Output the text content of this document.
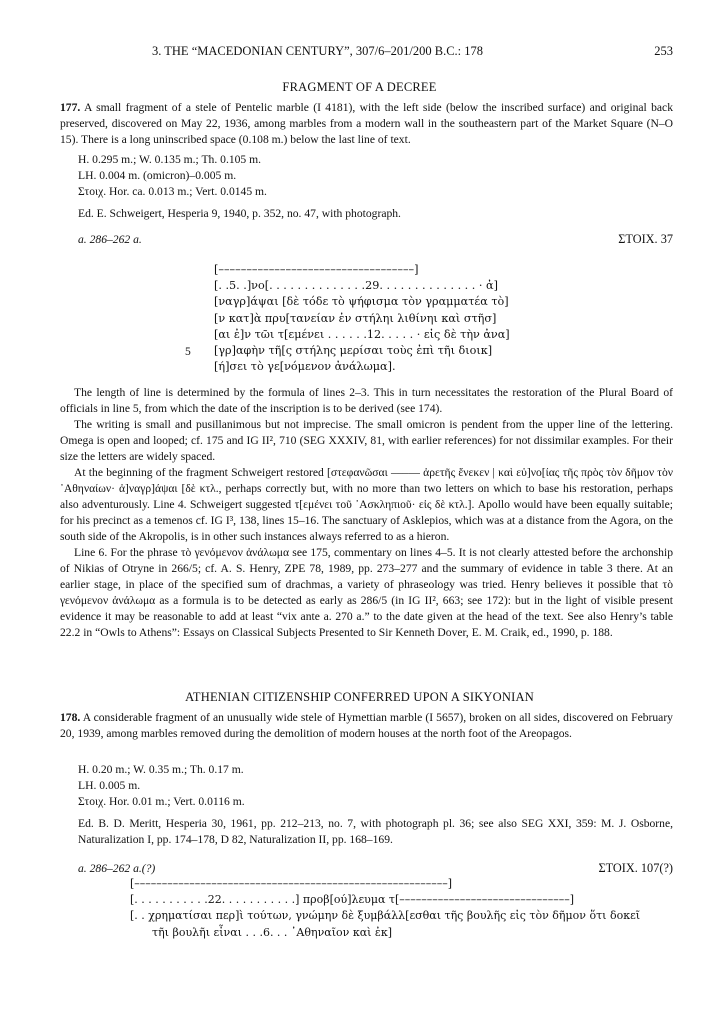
3. THE “MACEDONIAN CENTURY”, 307/6–201/200 B.C.: 178	253
FRAGMENT OF A DECREE
177. A small fragment of a stele of Pentelic marble (I 4181), with the left side (below the inscribed surface) and original back preserved, discovered on May 22, 1936, among marbles from a modern wall in the southeastern part of the Market Square (N–O 15). There is a long uninscribed space (0.108 m.) below the last line of text.
H. 0.295 m.; W. 0.135 m.; Th. 0.105 m.
LH. 0.004 m. (omicron)–0.005 m.
Στοιχ. Hor. ca. 0.013 m.; Vert. 0.0145 m.
Ed. E. Schweigert, Hesperia 9, 1940, p. 352, no. 47, with photograph.
a. 286–262 a.	ΣΤΟΙΧ. 37
[–––––––––––––––––––––––––––––––––––]
[. .5. .]νο[. . . . . . . . . . . . . .29. . . . . . . . . . . . . . · ἀ]
[ναγρ]άψαι [δὲ τόδε τὸ ψήφισμα τὸν γραμματέα τὸ]
[ν κατ]ὰ πρυ[τανείαν ἐν στήληι λιθίνηι καὶ στῆσ]
[αι ἐ]ν τῶι τ[εμένει . . . . . .12. . . . . · εἰς δὲ τὴν ἀνα]
[γρ]αφὴν τῆ[ς στήλης μερίσαι τοὺς ἐπὶ τῆι διοικ]
[ή]σει τὸ γε[νόμενον ἀνάλωμα].
5
The length of line is determined by the formula of lines 2–3. This in turn necessitates the restoration of the Plural Board of officials in line 5, from which the date of the inscription is to be derived (see 174).
The writing is small and pusillanimous but not imprecise. The small omicron is pendent from the upper line of the lettering. Omega is open and looped; cf. 175 and IG II², 710 (SEG XXXIV, 81, with earlier references) for not dissimilar examples. For their size the letters are widely spaced.
At the beginning of the fragment Schweigert restored [στεφανῶσαι ––––– ἀρετῆς ἕνεκεν | καὶ εὐ]νο[ίας τῆς πρὸς τὸν δῆμον τὸν ᾿Αθηναίων· ἀ]ναγρ]άψαι [δὲ κτλ., perhaps correctly but, with no more than two letters on which to base his restoration, perhaps also adventurously. Line 4. Schweigert suggested τ[εμένει τοῦ ᾿Ασκληπιοῦ· εἰς δὲ κτλ.]. Apollo would have been equally suitable; for his precinct as a temenos cf. IG I³, 138, lines 15–16. The sanctuary of Asklepios, which was at a distance from the Agora, on the south side of the Akropolis, is in other such instances always referred to as a hieron.
Line 6. For the phrase τὸ γενόμενον ἀνάλωμα see 175, commentary on lines 4–5. It is not clearly attested before the archonship of Nikias of Otryne in 266/5; cf. A. S. Henry, ZPE 78, 1989, pp. 273–277 and the summary of evidence in table 3 there. At an earlier stage, in place of the specified sum of drachmas, a variety of phraseology was tried. Henry believes it possible that τὸ γενόμενον ἀνάλωμα as a formula is to be detected as early as 286/5 (in IG II², 663; see 172): but in the light of visible present evidence it may be reasonable to add at least “vix ante a. 270 a.” to the date given at the head of the text. See also Henry’s table 22.2 in “Owls to Athens”: Essays on Classical Subjects Presented to Sir Kenneth Dover, E. M. Craik, ed., 1990, p. 188.
ATHENIAN CITIZENSHIP CONFERRED UPON A SIKYONIAN
178. A considerable fragment of an unusually wide stele of Hymettian marble (I 5657), broken on all sides, discovered on February 20, 1939, among marbles removed during the demolition of modern houses at the north foot of the Areopagos.
H. 0.20 m.; W. 0.35 m.; Th. 0.17 m.
LH. 0.005 m.
Στοιχ. Hor. 0.01 m.; Vert. 0.0116 m.
Ed. B. D. Meritt, Hesperia 30, 1961, pp. 212–213, no. 7, with photograph pl. 36; see also SEG XXI, 359: M. J. Osborne, Naturalization I, pp. 174–178, D 82, Naturalization II, pp. 168–169.
a. 286–262 a.(?)	ΣΤΟΙΧ. 107(?)
[–––––––––––––––––––––––––––––––––––––––––––––––––––––––––]
[. . . . . . . . . . .22. . . . . . . . . . .] προβ[ού]λευμα τ[–––––––––––––––––––––––––––––––]
[. . χρηματίσαι περ]ὶ τούτων, γνώμην δὲ ξυμβάλλ[εσθαι τῆς βουλῆς εἰς τὸν δῆμον ὅτι δοκεῖ
τῆι βουλῆι εἶναι . . .6. . . ᾿Αθηναῖον καὶ ἐκ]
